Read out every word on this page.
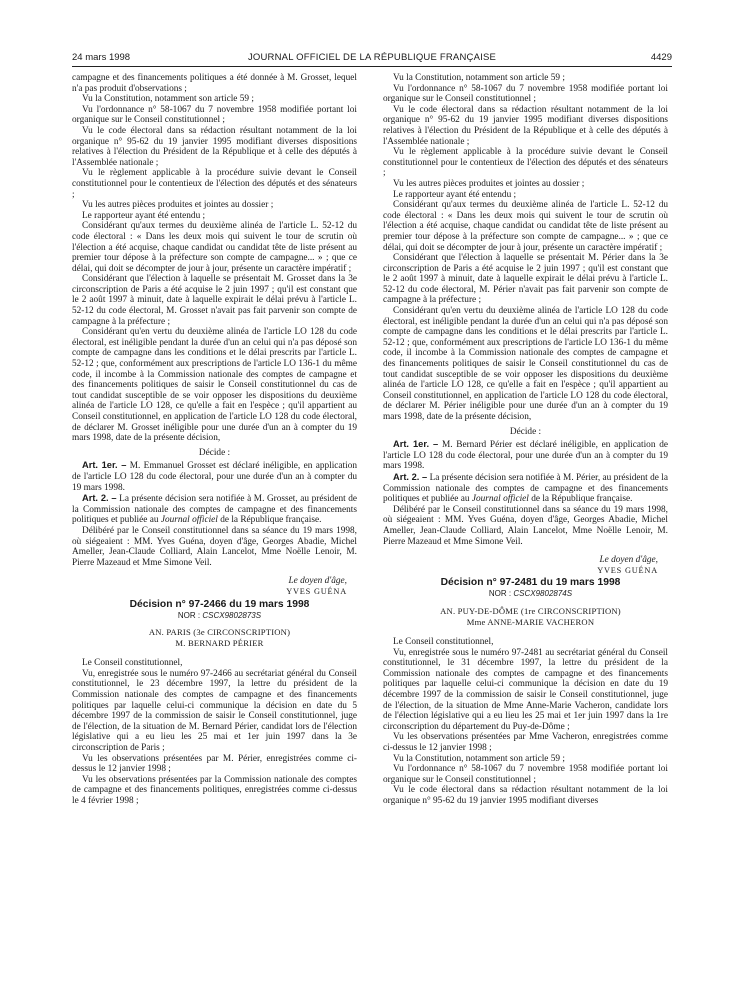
24 mars 1998	JOURNAL OFFICIEL DE LA RÉPUBLIQUE FRANÇAISE	4429

campagne et des financements politiques a été donnée à M. Grosset, lequel n'a pas produit d'observations ;

Vu la Constitution, notamment son article 59 ;

Vu l'ordonnance n° 58-1067 du 7 novembre 1958 modifiée portant loi organique sur le Conseil constitutionnel ;

Vu le code électoral dans sa rédaction résultant notamment de la loi organique n° 95-62 du 19 janvier 1995 modifiant diverses dispositions relatives à l'élection du Président de la République et à celle des députés à l'Assemblée nationale ;

Vu le règlement applicable à la procédure suivie devant le Conseil constitutionnel pour le contentieux de l'élection des députés et des sénateurs ;

Vu les autres pièces produites et jointes au dossier ;

Le rapporteur ayant été entendu ;

Considérant qu'aux termes du deuxième alinéa de l'article L. 52-12 du code électoral : « Dans les deux mois qui suivent le tour de scrutin où l'élection a été acquise, chaque candidat ou candidat tête de liste présent au premier tour dépose à la préfecture son compte de campagne... » ; que ce délai, qui doit se décompter de jour à jour, présente un caractère impératif ;

Considérant que l'élection à laquelle se présentait M. Grosset dans la 3e circonscription de Paris a été acquise le 2 juin 1997 ; qu'il est constant que le 2 août 1997 à minuit, date à laquelle expirait le délai prévu à l'article L. 52-12 du code électoral, M. Grosset n'avait pas fait parvenir son compte de campagne à la préfecture ;

Considérant qu'en vertu du deuxième alinéa de l'article LO 128 du code électoral, est inéligible pendant la durée d'un an celui qui n'a pas déposé son compte de campagne dans les conditions et le délai prescrits par l'article L. 52-12 ; que, conformément aux prescriptions de l'article LO 136-1 du même code, il incombe à la Commission nationale des comptes de campagne et des financements politiques de saisir le Conseil constitutionnel du cas de tout candidat susceptible de se voir opposer les dispositions du deuxième alinéa de l'article LO 128, ce qu'elle a fait en l'espèce ; qu'il appartient au Conseil constitutionnel, en application de l'article LO 128 du code électoral, de déclarer M. Grosset inéligible pour une durée d'un an à compter du 19 mars 1998, date de la présente décision,

Décide :

Art. 1er. – M. Emmanuel Grosset est déclaré inéligible, en application de l'article LO 128 du code électoral, pour une durée d'un an à compter du 19 mars 1998.

Art. 2. – La présente décision sera notifiée à M. Grosset, au président de la Commission nationale des comptes de campagne et des financements politiques et publiée au Journal officiel de la République française.

Délibéré par le Conseil constitutionnel dans sa séance du 19 mars 1998, où siégeaient : MM. Yves Guéna, doyen d'âge, Georges Abadie, Michel Ameller, Jean-Claude Colliard, Alain Lancelot, Mme Noëlle Lenoir, M. Pierre Mazeaud et Mme Simone Veil.

Le doyen d'âge,

YVES GUÉNA

Décision n° 97-2466 du 19 mars 1998

NOR : CSCX9802873S

AN. PARIS (3e CIRCONSCRIPTION)

M. BERNARD PÉRIER

Le Conseil constitutionnel,

Vu, enregistrée sous le numéro 97-2466 au secrétariat général du Conseil constitutionnel, le 23 décembre 1997, la lettre du président de la Commission nationale des comptes de campagne et des financements politiques par laquelle celui-ci communique la décision en date du 5 décembre 1997 de la commission de saisir le Conseil constitutionnel, juge de l'élection, de la situation de M. Bernard Périer, candidat lors de l'élection législative qui a eu lieu les 25 mai et 1er juin 1997 dans la 3e circonscription de Paris ;

Vu les observations présentées par M. Périer, enregistrées comme ci-dessus le 12 janvier 1998 ;

Vu les observations présentées par la Commission nationale des comptes de campagne et des financements politiques, enregistrées comme ci-dessus le 4 février 1998 ;

Vu la Constitution, notamment son article 59 ;

Vu l'ordonnance n° 58-1067 du 7 novembre 1958 modifiée portant loi organique sur le Conseil constitutionnel ;

Vu le code électoral dans sa rédaction résultant notamment de la loi organique n° 95-62 du 19 janvier 1995 modifiant diverses dispositions relatives à l'élection du Président de la République et à celle des députés à l'Assemblée nationale ;

Vu le règlement applicable à la procédure suivie devant le Conseil constitutionnel pour le contentieux de l'élection des députés et des sénateurs ;

Vu les autres pièces produites et jointes au dossier ;

Le rapporteur ayant été entendu ;

Considérant qu'aux termes du deuxième alinéa de l'article L. 52-12 du code électoral : « Dans les deux mois qui suivent le tour de scrutin où l'élection a été acquise, chaque candidat ou candidat tête de liste présent au premier tour dépose à la préfecture son compte de campagne... » ; que ce délai, qui doit se décompter de jour à jour, présente un caractère impératif ;

Considérant que l'élection à laquelle se présentait M. Périer dans la 3e circonscription de Paris a été acquise le 2 juin 1997 ; qu'il est constant que le 2 août 1997 à minuit, date à laquelle expirait le délai prévu à l'article L. 52-12 du code électoral, M. Périer n'avait pas fait parvenir son compte de campagne à la préfecture ;

Considérant qu'en vertu du deuxième alinéa de l'article LO 128 du code électoral, est inéligible pendant la durée d'un an celui qui n'a pas déposé son compte de campagne dans les conditions et le délai prescrits par l'article L. 52-12 ; que, conformément aux prescriptions de l'article LO 136-1 du même code, il incombe à la Commission nationale des comptes de campagne et des financements politiques de saisir le Conseil constitutionnel du cas de tout candidat susceptible de se voir opposer les dispositions du deuxième alinéa de l'article LO 128, ce qu'elle a fait en l'espèce ; qu'il appartient au Conseil constitutionnel, en application de l'article LO 128 du code électoral, de déclarer M. Périer inéligible pour une durée d'un an à compter du 19 mars 1998, date de la présente décision,

Décide :

Art. 1er. – M. Bernard Périer est déclaré inéligible, en application de l'article LO 128 du code électoral, pour une durée d'un an à compter du 19 mars 1998.

Art. 2. – La présente décision sera notifiée à M. Périer, au président de la Commission nationale des comptes de campagne et des financements politiques et publiée au Journal officiel de la République française.

Délibéré par le Conseil constitutionnel dans sa séance du 19 mars 1998, où siégeaient : MM. Yves Guéna, doyen d'âge, Georges Abadie, Michel Ameller, Jean-Claude Colliard, Alain Lancelot, Mme Noëlle Lenoir, M. Pierre Mazeaud et Mme Simone Veil.

Le doyen d'âge,

YVES GUÉNA

Décision n° 97-2481 du 19 mars 1998

NOR : CSCX9802874S

AN. PUY-DE-DÔME (1re CIRCONSCRIPTION)

Mme ANNE-MARIE VACHERON

Le Conseil constitutionnel,

Vu, enregistrée sous le numéro 97-2481 au secrétariat général du Conseil constitutionnel, le 31 décembre 1997, la lettre du président de la Commission nationale des comptes de campagne et des financements politiques par laquelle celui-ci communique la décision en date du 19 décembre 1997 de la commission de saisir le Conseil constitutionnel, juge de l'élection, de la situation de Mme Anne-Marie Vacheron, candidate lors de l'élection législative qui a eu lieu les 25 mai et 1er juin 1997 dans la 1re circonscription du département du Puy-de-Dôme ;

Vu les observations présentées par Mme Vacheron, enregistrées comme ci-dessus le 12 janvier 1998 ;

Vu la Constitution, notamment son article 59 ;

Vu l'ordonnance n° 58-1067 du 7 novembre 1958 modifiée portant loi organique sur le Conseil constitutionnel ;

Vu le code électoral dans sa rédaction résultant notamment de la loi organique n° 95-62 du 19 janvier 1995 modifiant diverses
